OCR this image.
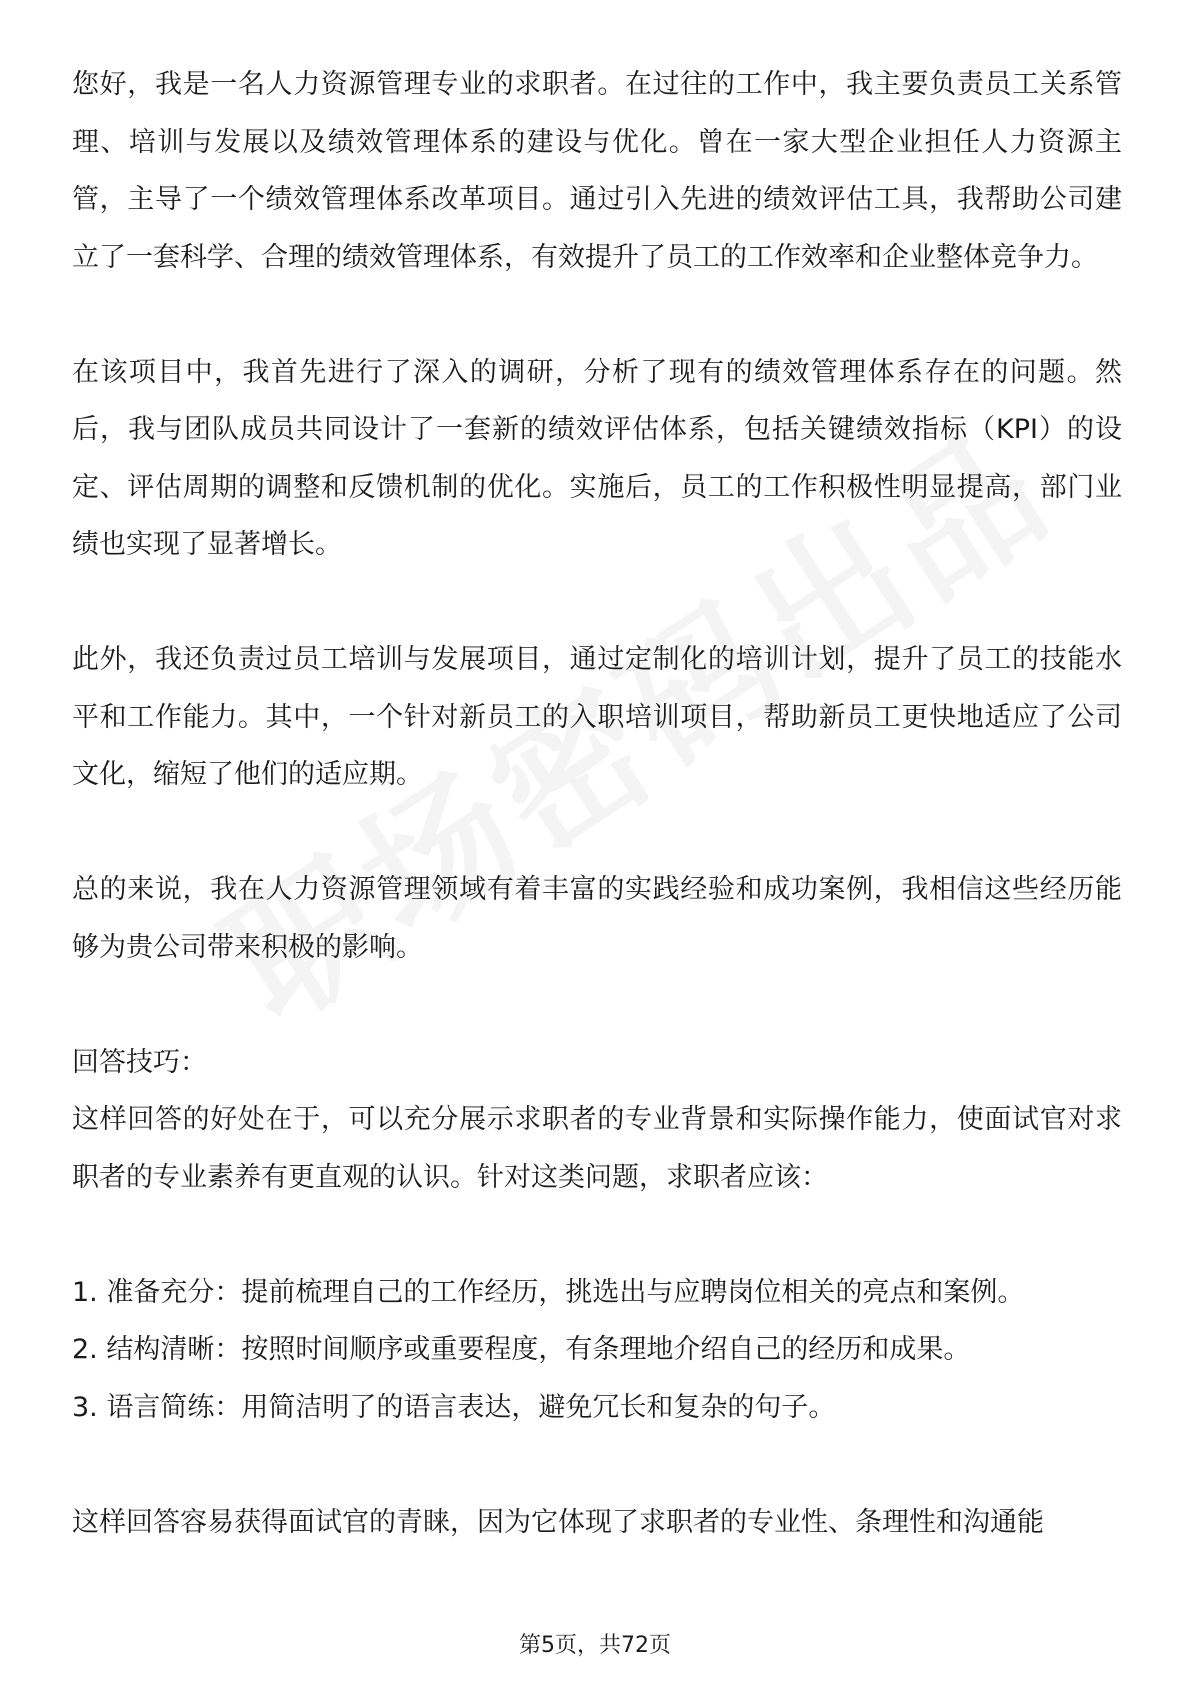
您好，我是一名人力资源管理专业的求职者。在过往的工作中，我主要负责员工关系管理、培训与发展以及绩效管理体系的建设与优化。曾在一家大型企业担任人力资源主管，主导了一个绩效管理体系改革项目。通过引入先进的绩效评估工具，我帮助公司建立了一套科学、合理的绩效管理体系，有效提升了员工的工作效率和企业整体竞争力。

在该项目中，我首先进行了深入的调研，分析了现有的绩效管理体系存在的问题。然后，我与团队成员共同设计了一套新的绩效评估体系，包括关键绩效指标（KPI）的设定、评估周期的调整和反馈机制的优化。实施后，员工的工作积极性明显提高，部门业绩也实现了显著增长。

此外，我还负责过员工培训与发展项目，通过定制化的培训计划，提升了员工的技能水平和工作能力。其中，一个针对新员工的入职培训项目，帮助新员工更快地适应了公司文化，缩短了他们的适应期。

总的来说，我在人力资源管理领域有着丰富的实践经验和成功案例，我相信这些经历能够为贵公司带来积极的影响。

回答技巧：

这样回答的好处在于，可以充分展示求职者的专业背景和实际操作能力，使面试官对求职者的专业素养有更直观的认识。针对这类问题，求职者应该：

1. 准备充分：提前梳理自己的工作经历，挑选出与应聘岗位相关的亮点和案例。

2. 结构清晰：按照时间顺序或重要程度，有条理地介绍自己的经历和成果。

3. 语言简练：用简洁明了的语言表达，避免冗长和复杂的句子。

这样回答容易获得面试官的青睐，因为它体现了求职者的专业性、条理性和沟通能

第5页，共72页
